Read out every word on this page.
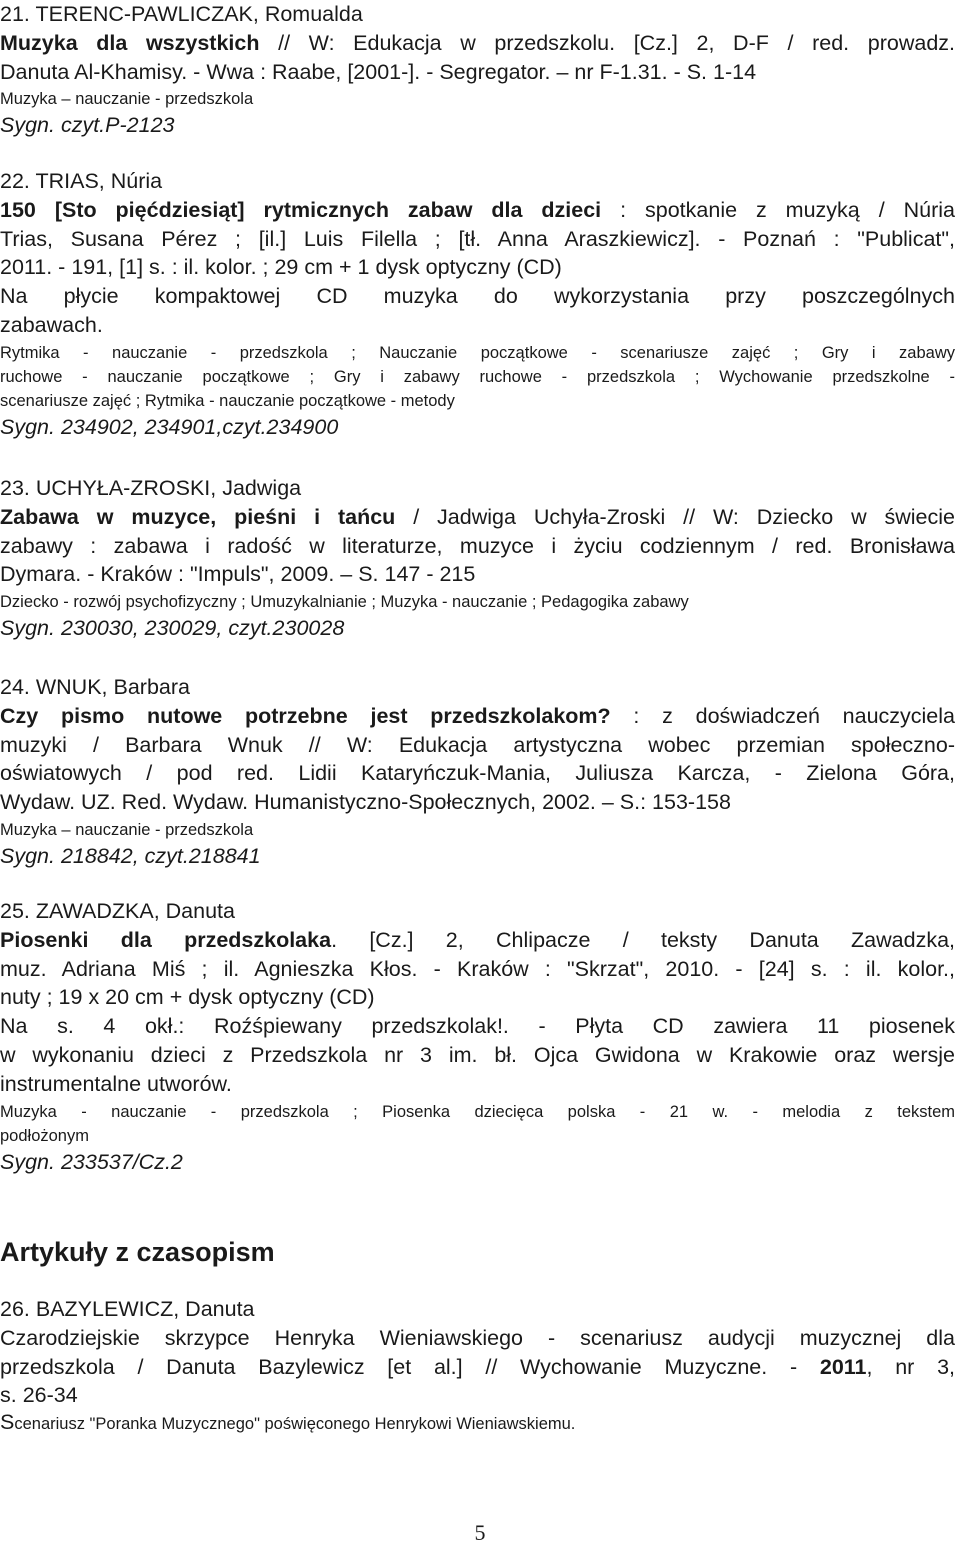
21. TERENC-PAWLICZAK, Romualda
Muzyka dla wszystkich // W: Edukacja w przedszkolu. [Cz.] 2, D-F / red. prowadz.
Danuta Al-Khamisy. - Wwa : Raabe, [2001-]. - Segregator. – nr F-1.31. - S. 1-14
Muzyka – nauczanie - przedszkola
Sygn. czyt.P-2123
22. TRIAS, Núria
150 [Sto pięćdziesiąt] rytmicznych zabaw dla dzieci : spotkanie z muzyką / Núria
Trias, Susana Pérez ; [il.] Luis Filella ; [tł. Anna Araszkiewicz]. - Poznań : "Publicat",
2011. - 191, [1] s. : il. kolor. ; 29 cm + 1 dysk optyczny (CD)
Na płycie kompaktowej CD muzyka do wykorzystania przy poszczególnych
zabawach.
Rytmika - nauczanie - przedszkola ; Nauczanie początkowe - scenariusze zajęć ; Gry i zabawy
ruchowe - nauczanie początkowe ; Gry i zabawy ruchowe - przedszkola ; Wychowanie przedszkolne -
scenariusze zajęć ; Rytmika - nauczanie początkowe - metody
Sygn. 234902, 234901,czyt.234900
23. UCHYŁA-ZROSKI, Jadwiga
Zabawa w muzyce, pieśni i tańcu / Jadwiga Uchyła-Zroski // W: Dziecko w świecie
zabawy : zabawa i radość w literaturze, muzyce i życiu codziennym / red. Bronisława
Dymara. - Kraków : "Impuls", 2009. – S. 147 - 215
Dziecko - rozwój psychofizyczny ; Umuzykalnianie ; Muzyka - nauczanie ; Pedagogika zabawy
Sygn. 230030, 230029, czyt.230028
24. WNUK, Barbara
Czy pismo nutowe potrzebne jest przedszkolakom? : z doświadczeń nauczyciela
muzyki / Barbara Wnuk // W: Edukacja artystyczna wobec przemian społeczno-
oświatowych / pod red. Lidii Kataryńczuk-Mania, Juliusza Karcza, - Zielona Góra,
Wydaw. UZ. Red. Wydaw. Humanistyczno-Społecznych, 2002. – S.: 153-158
Muzyka – nauczanie - przedszkola
Sygn. 218842, czyt.218841
25. ZAWADZKA, Danuta
Piosenki dla przedszkolaka. [Cz.] 2, Chlipacze / teksty Danuta Zawadzka,
muz. Adriana Miś ; il. Agnieszka Kłos. - Kraków : "Skrzat", 2010. - [24] s. : il. kolor.,
nuty ; 19 x 20 cm + dysk optyczny (CD)
Na s. 4 okł.: Roźśpiewany przedszkolak!. - Płyta CD zawiera 11 piosenek
w wykonaniu dzieci z Przedszkola nr 3 im. bł. Ojca Gwidona w Krakowie oraz wersje
instrumentalne utworów.
Muzyka - nauczanie - przedszkola ; Piosenka dziecięca polska - 21 w. - melodia z tekstem
podłożonym
Sygn. 233537/Cz.2
Artykuły z czasopism
26. BAZYLEWICZ, Danuta
Czarodziejskie skrzypce Henryka Wieniawskiego - scenariusz audycji muzycznej dla
przedszkola / Danuta Bazylewicz [et al.] // Wychowanie Muzyczne. - 2011, nr 3,
s. 26-34
Scenariusz "Poranka Muzycznego" poświęconego Henrykowi Wieniawskiemu.
5
